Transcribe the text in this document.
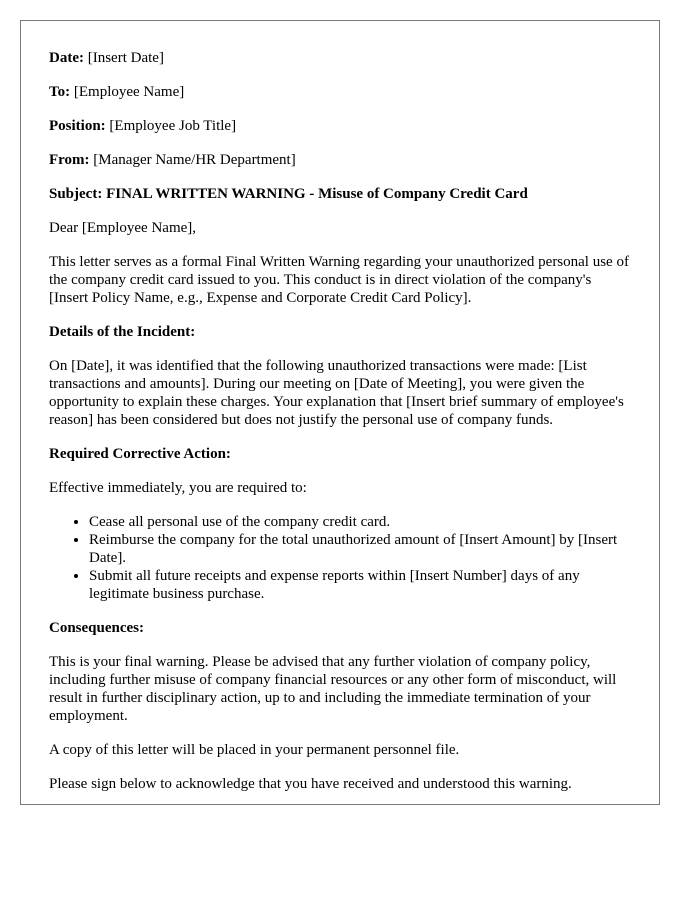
Date: [Insert Date]
To: [Employee Name]
Position: [Employee Job Title]
From: [Manager Name/HR Department]
Subject: FINAL WRITTEN WARNING - Misuse of Company Credit Card

Dear [Employee Name],

This letter serves as a formal Final Written Warning regarding your unauthorized personal use of the company credit card issued to you. This conduct is in direct violation of the company's [Insert Policy Name, e.g., Expense and Corporate Credit Card Policy].

Details of the Incident:

On [Date], it was identified that the following unauthorized transactions were made: [List transactions and amounts]. During our meeting on [Date of Meeting], you were given the opportunity to explain these charges. Your explanation that [Insert brief summary of employee's reason] has been considered but does not justify the personal use of company funds.

Required Corrective Action:

Effective immediately, you are required to:

• Cease all personal use of the company credit card.
• Reimburse the company for the total unauthorized amount of [Insert Amount] by [Insert Date].
• Submit all future receipts and expense reports within [Insert Number] days of any legitimate business purchase.
Consequences:

This is your final warning. Please be advised that any further violation of company policy, including further misuse of company financial resources or any other form of misconduct, will result in further disciplinary action, up to and including the immediate termination of your employment.

A copy of this letter will be placed in your permanent personnel file.

Please sign below to acknowledge that you have received and understood this warning.
